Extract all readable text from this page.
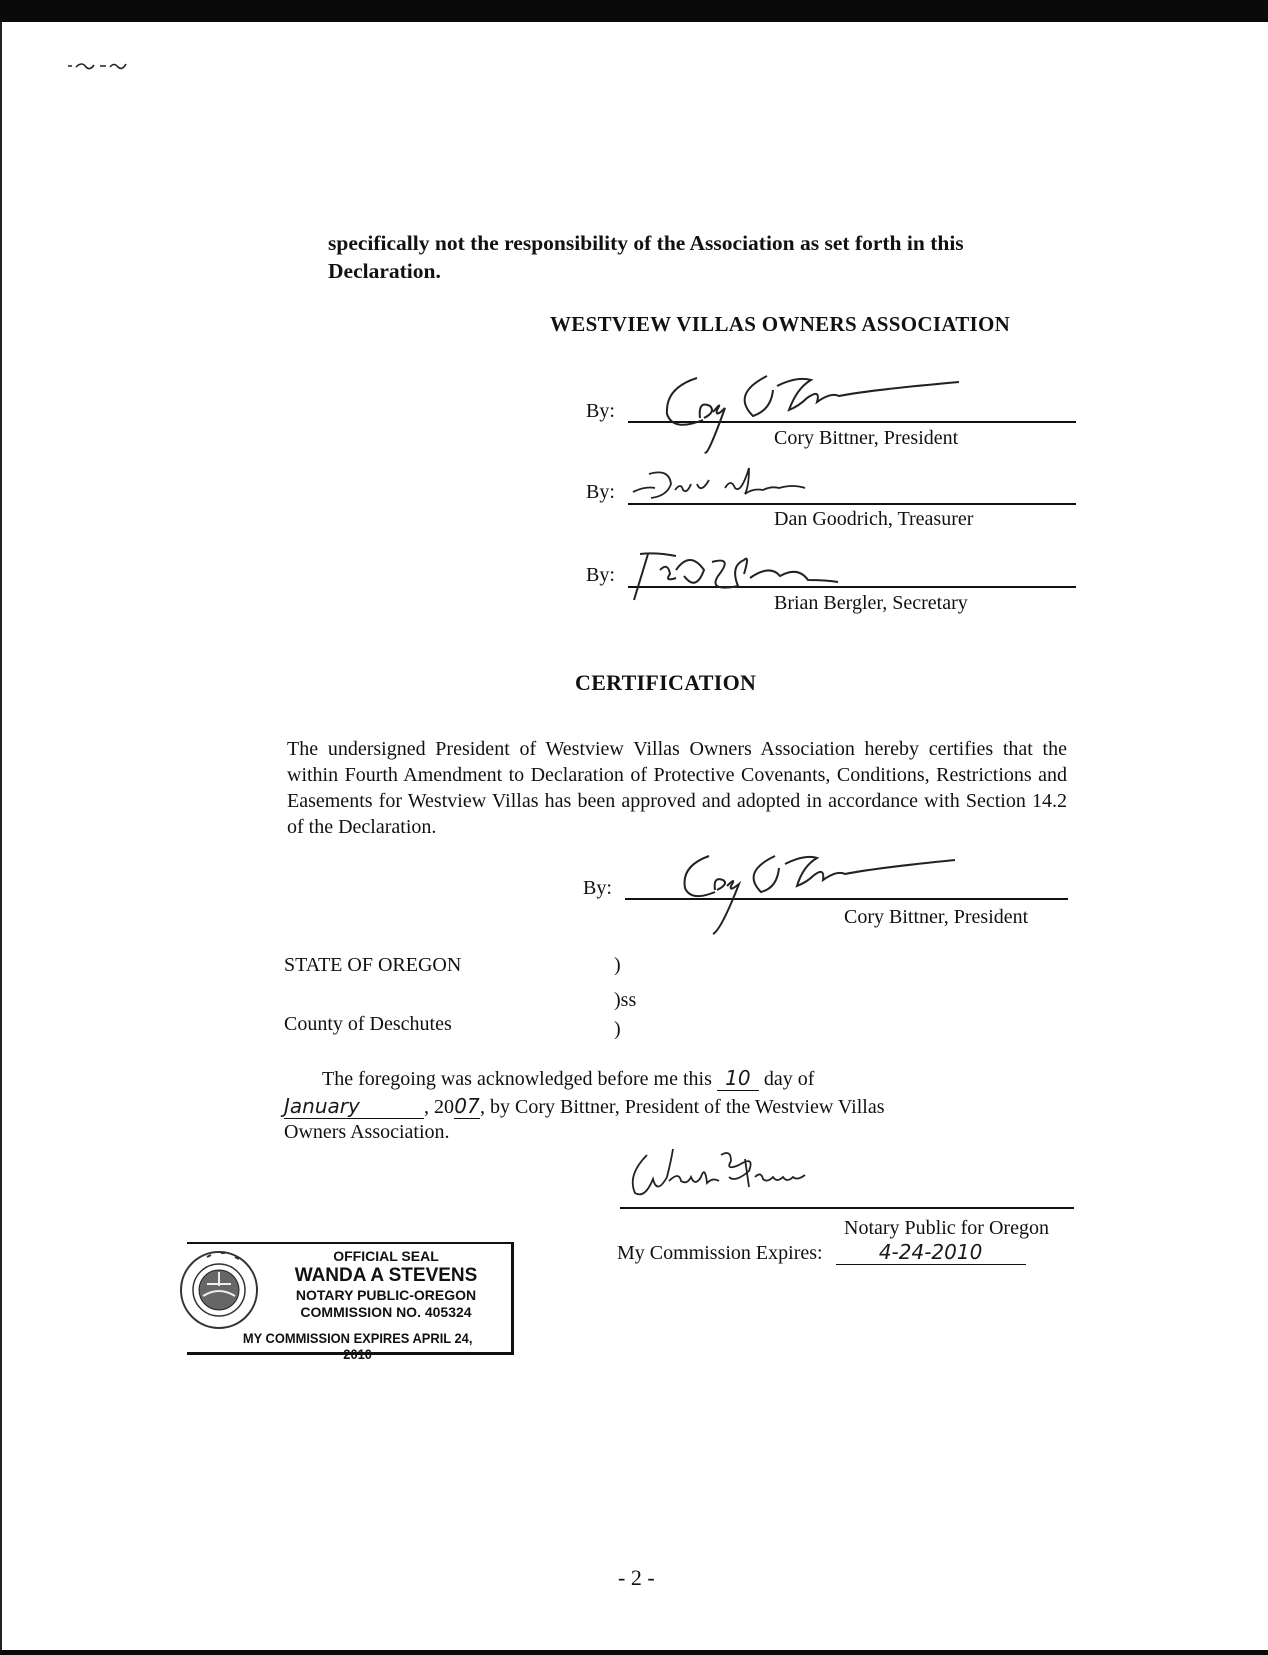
specifically not the responsibility of the Association as set forth in this Declaration.
WESTVIEW VILLAS OWNERS ASSOCIATION
By:
Cory Bittner, President
By:
Dan Goodrich, Treasurer
By:
Brian Bergler, Secretary
CERTIFICATION
The undersigned President of Westview Villas Owners Association hereby certifies that the within Fourth Amendment to Declaration of Protective Covenants, Conditions, Restrictions and Easements for Westview Villas has been approved and adopted in accordance with Section 14.2 of the Declaration.
By:
Cory Bittner, President
STATE OF OREGON	)
)ss
County of Deschutes	)
The foregoing was acknowledged before me this 10 day of
January	, 2007, by Cory Bittner, President of the Westview Villas
Owners Association.
Notary Public for Oregon
My Commission Expires:	4-24-2010
OFFICIAL SEAL
WANDA A STEVENS
NOTARY PUBLIC-OREGON
COMMISSION NO. 405324
MY COMMISSION EXPIRES APRIL 24, 2010
- 2 -
